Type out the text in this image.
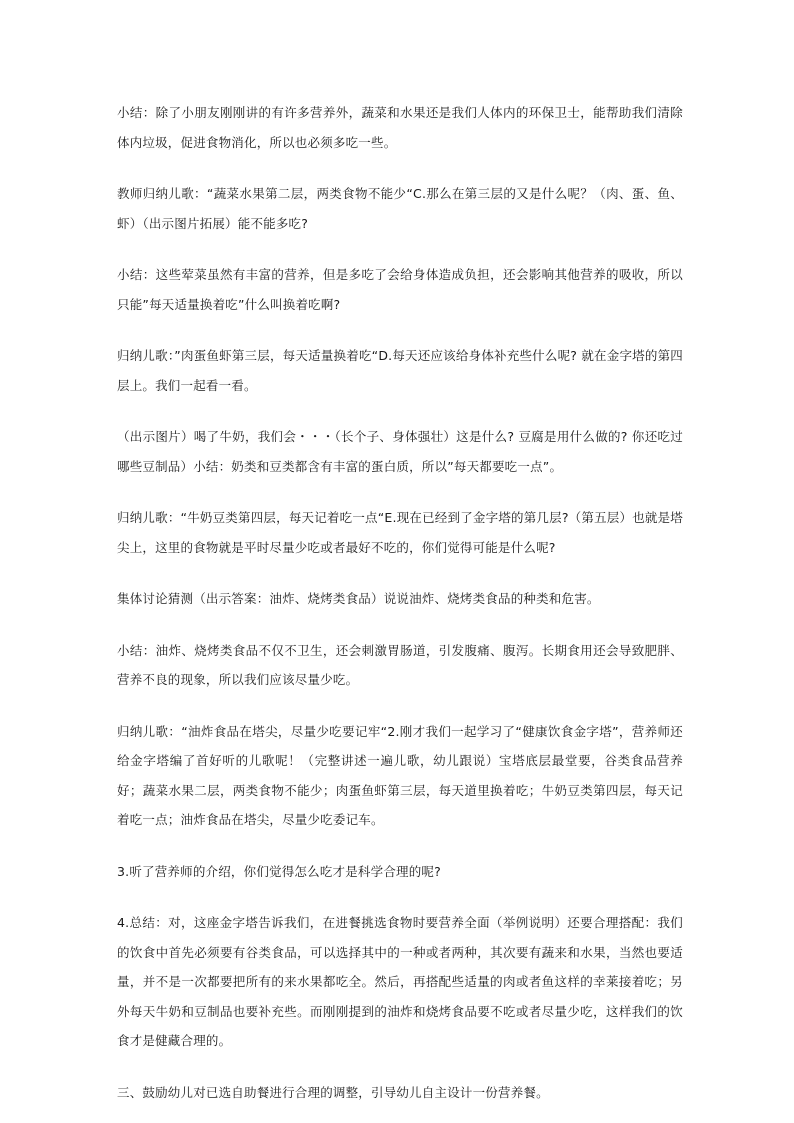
小结：除了小朋友刚刚讲的有许多营养外，蔬菜和水果还是我们人体内的环保卫士，能帮助我们清除体内垃圾，促进食物消化，所以也必须多吃一些。

教师归纳儿歌：“蔬菜水果第二层，两类食物不能少“C.那么在第三层的又是什么呢？（肉、蛋、鱼、虾）（出示图片拓展）能不能多吃?

小结：这些荤菜虽然有丰富的营养，但是多吃了会给身体造成负担，还会影响其他营养的吸收，所以只能”每天适量换着吃”什么叫换着吃啊?

归纳儿歌：”肉蛋鱼虾第三层，每天适量换着吃“D.每天还应该给身体补充些什么呢? 就在金字塔的第四层上。我们一起看一看。

（出示图片）喝了牛奶，我们会・・・（长个子、身体强壮）这是什么? 豆腐是用什么做的? 你还吃过哪些豆制品）小结：奶类和豆类都含有丰富的蛋白质，所以”每天都要吃一点”。

归纳儿歌：“牛奶豆类第四层，每天记着吃一点“E.现在已经到了金字塔的第几层?（第五层）也就是塔尖上，这里的食物就是平时尽量少吃或者最好不吃的，你们觉得可能是什么呢?

集体讨论猜测（出示答案：油炸、烧烤类食品）说说油炸、烧烤类食品的种类和危害。

小结：油炸、烧烤类食品不仅不卫生，还会刺激胃肠道，引发腹痛、腹泻。长期食用还会导致肥胖、营养不良的现象，所以我们应该尽量少吃。

归纳儿歌：“油炸食品在塔尖，尽量少吃要记牢“2.刚才我们一起学习了“健康饮食金字塔”，营养师还给金字塔编了首好听的儿歌呢！（完整讲述一遍儿歌，幼儿跟说）宝塔底层最堂要，谷类食品营养好；蔬菜水果二层，两类食物不能少；肉蛋鱼虾第三层，每天道里换着吃；牛奶豆类第四层，每天记着吃一点；油炸食品在塔尖，尽量少吃委记车。

3.听了营养师的介绍，你们觉得怎么吃才是科学合理的呢?

4.总结：对，这座金字塔告诉我们，在进餐挑选食物时要营养全面（举例说明）还要合理搭配：我们的饮食中首先必须要有谷类食品，可以选择其中的一种或者两种，其次要有蔬来和水果，当然也要适量，并不是一次都要把所有的来水果都吃全。然后，再搭配些适量的肉或者鱼这样的幸莱接着吃；另外每天牛奶和豆制品也要补充些。而刚刚提到的油炸和烧烤食品要不吃或者尽量少吃，这样我们的饮食才是健藏合理的。

三、鼓励幼儿对已选自助餐进行合理的调整，引导幼儿自主设计一份营养餐。
